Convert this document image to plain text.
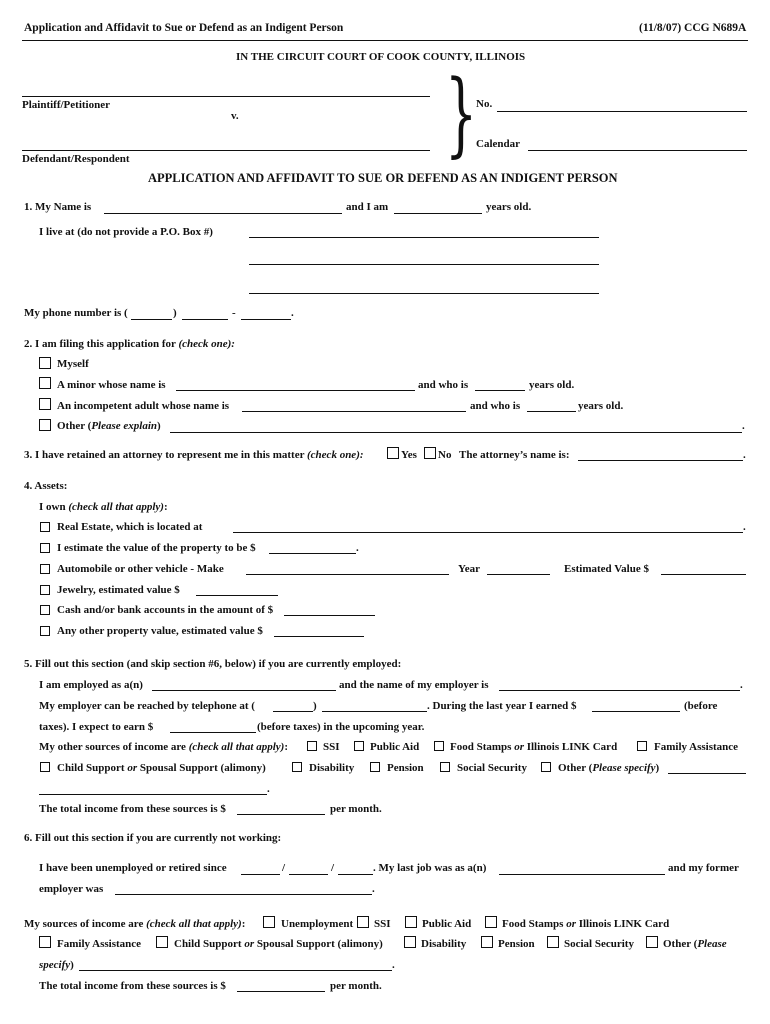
Application and Affidavit to Sue or Defend as an Indigent Person	(11/8/07) CCG N689A
IN THE CIRCUIT COURT OF COOK COUNTY, ILLINOIS
Plaintiff/Petitioner
v.
Defendant/Respondent	}
No.
Calendar
APPLICATION AND AFFIDAVIT TO SUE OR DEFEND AS AN INDIGENT PERSON
1. My Name is	and I am	years old.
I live at (do not provide a P.O. Box #)
My phone number is (	)	-	.
2. I am filing this application for (check one):
Myself
A minor whose name is	and who is	years old.
An incompetent adult whose name is	and who is	years old.
Other (Please explain)	.
3. I have retained an attorney to represent me in this matter (check one):	Yes No The attorney’s name is:	.
4. Assets:
I own (check all that apply):
Real Estate, which is located at	.
I estimate the value of the property to be $	.
Automobile or other vehicle - Make	Year	Estimated Value $
Jewelry, estimated value $
Cash and/or bank accounts in the amount of $
Any other property value, estimated value $
5. Fill out this section (and skip section #6, below) if you are currently employed:
I am employed as a(n)	and the name of my employer is	.
My employer can be reached by telephone at (	)	. During the last year I earned $	(before
taxes). I expect to earn $	(before taxes) in the upcoming year.
My other sources of income are (check all that apply):	SSI	Public Aid	Food Stamps or Illinois LINK Card	Family Assistance
Child Support or Spousal Support (alimony)	Disability	Pension	Social Security	Other (Please specify)
.
The total income from these sources is $	per month.
6. Fill out this section if you are currently not working:
I have been unemployed or retired since	/	/	. My last job was as a(n)	and my former
employer was	.
My sources of income are (check all that apply):	Unemployment SSI	Public Aid	Food Stamps or Illinois LINK Card
Family Assistance	Child Support or Spousal Support (alimony)	Disability	Pension	Social Security	Other (Please
specify)	.
The total income from these sources is $	per month.
